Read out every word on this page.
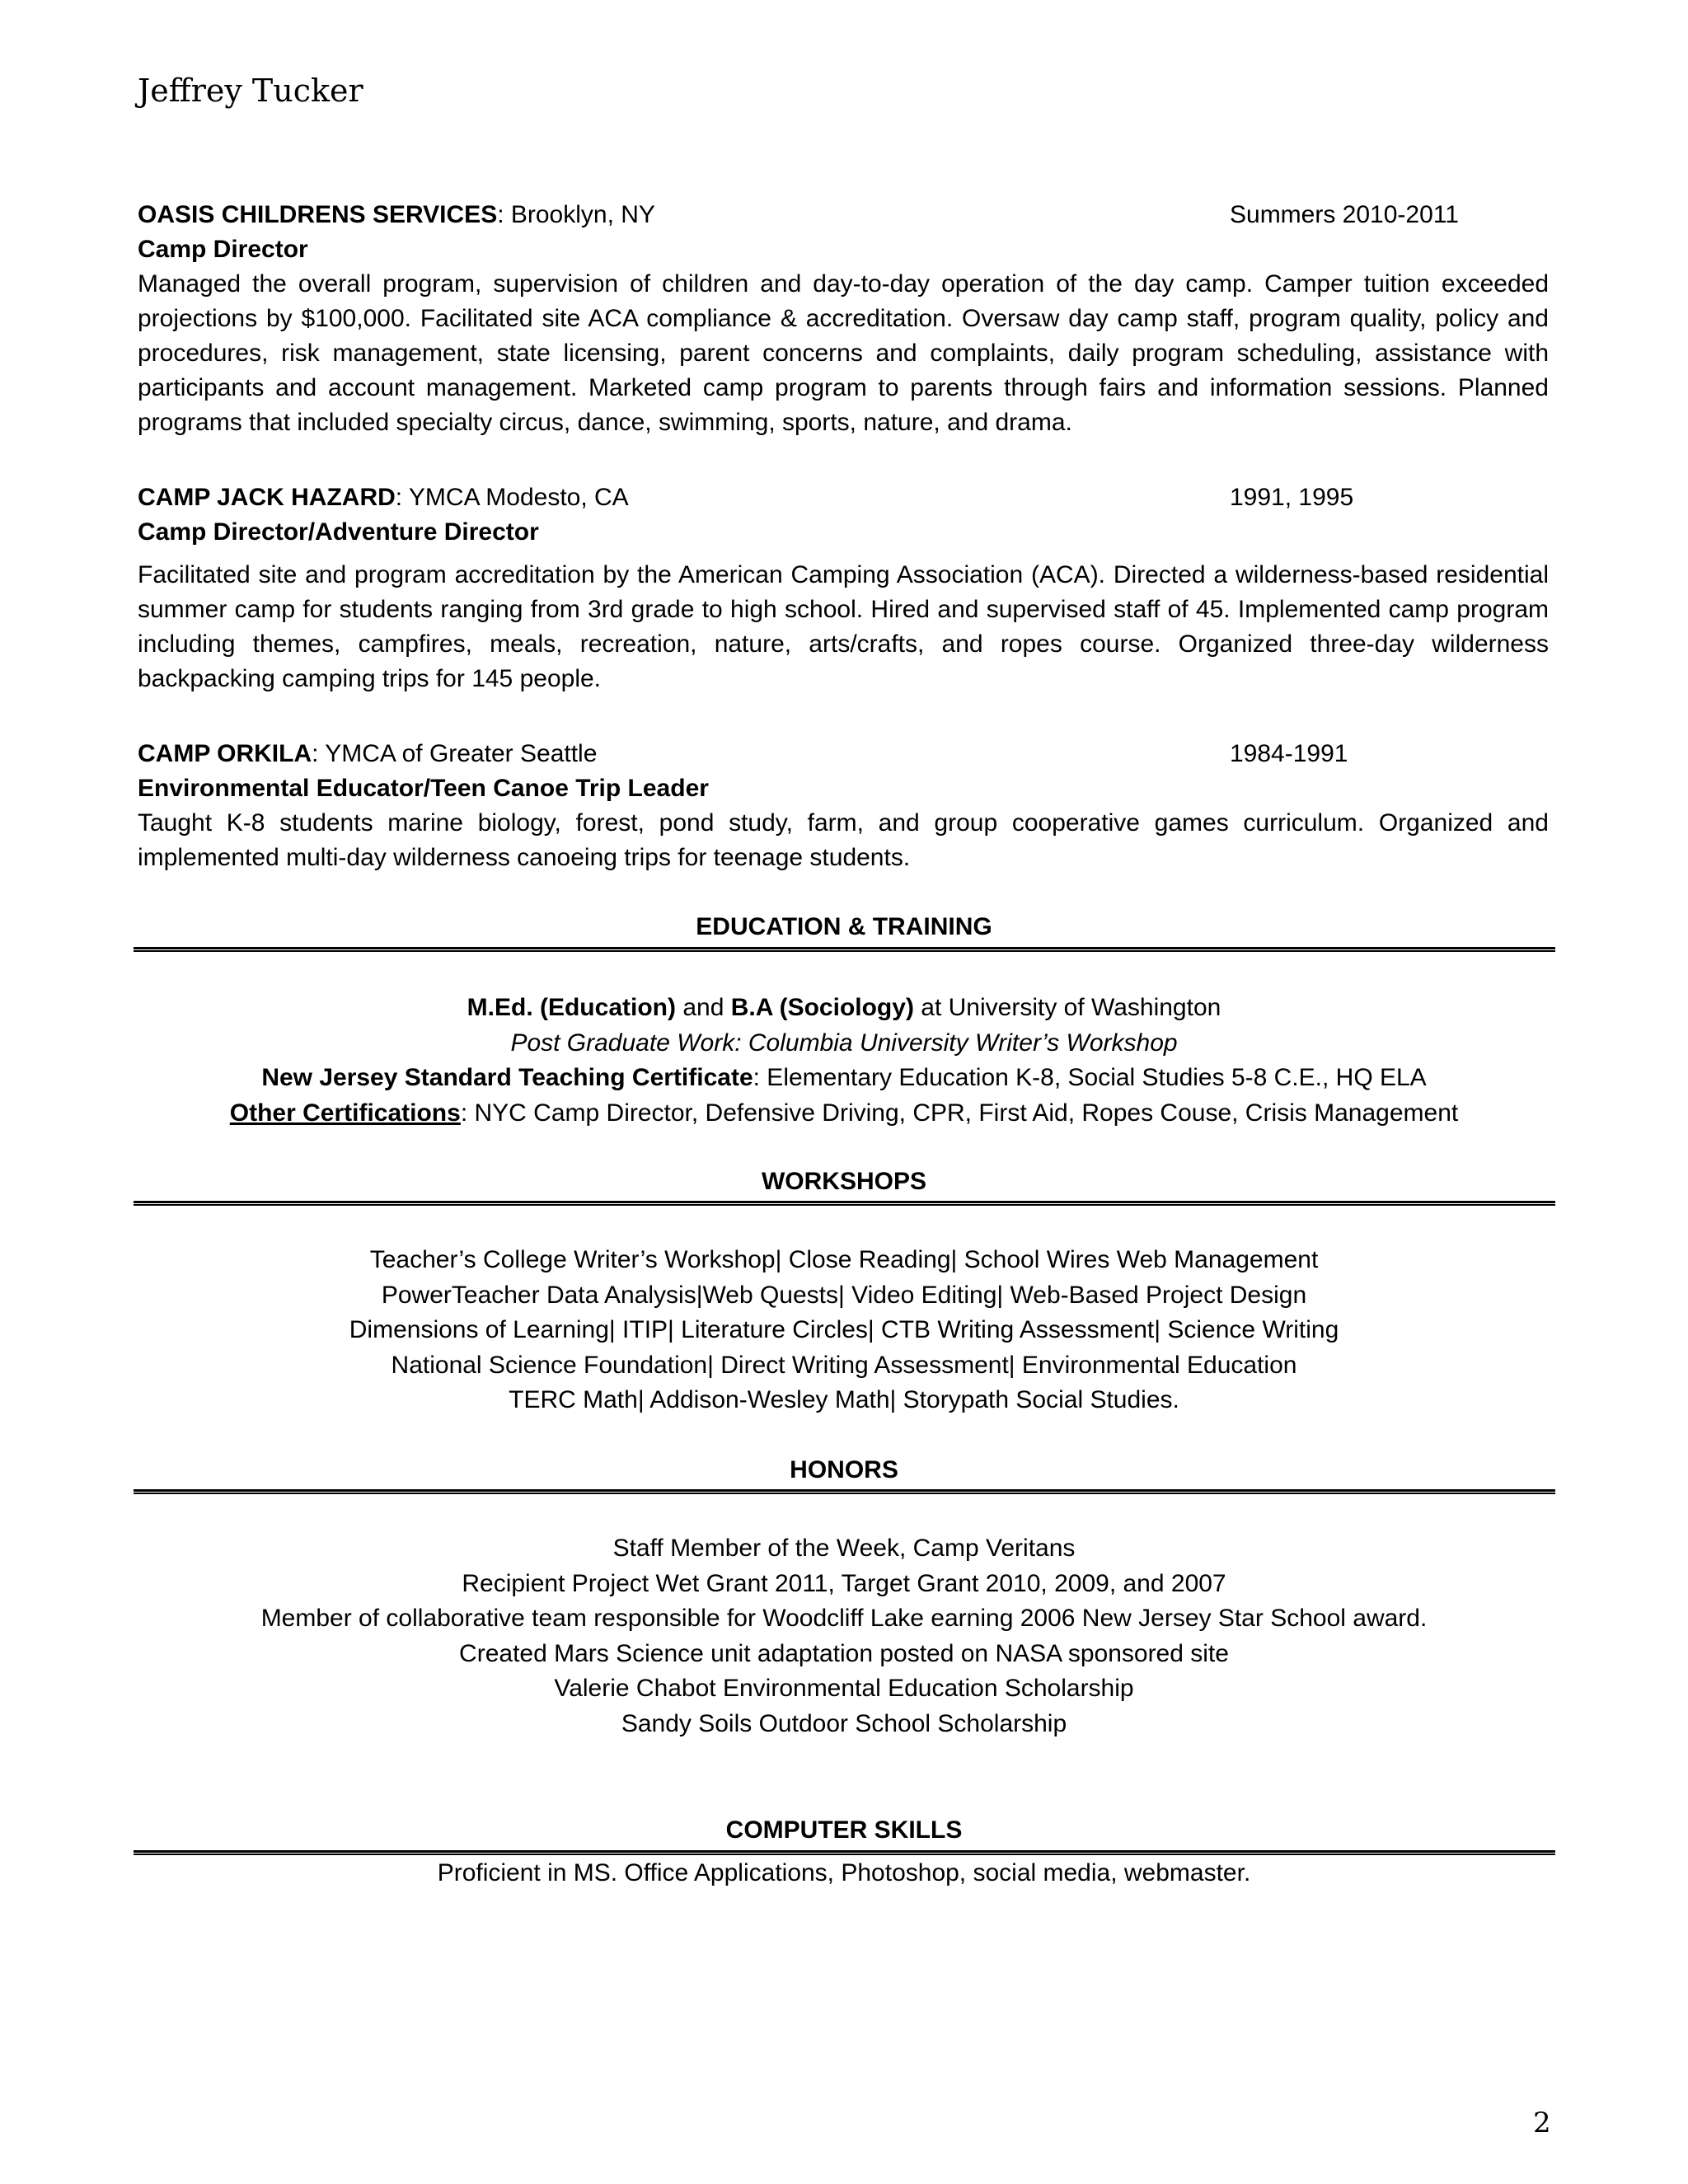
Jeffrey Tucker
OASIS CHILDRENS SERVICES: Brooklyn, NY	Summers 2010-2011
Camp Director
Managed the overall program, supervision of children and day-to-day operation of the day camp. Camper tuition exceeded projections by $100,000. Facilitated site ACA compliance & accreditation. Oversaw day camp staff, program quality, policy and procedures, risk management, state licensing, parent concerns and complaints, daily program scheduling, assistance with participants and account management. Marketed camp program to parents through fairs and information sessions. Planned programs that included specialty circus, dance, swimming, sports, nature, and drama.
CAMP JACK HAZARD: YMCA Modesto, CA	1991, 1995
Camp Director/Adventure Director
Facilitated site and program accreditation by the American Camping Association (ACA). Directed a wilderness-based residential summer camp for students ranging from 3rd grade to high school. Hired and supervised staff of 45. Implemented camp program including themes, campfires, meals, recreation, nature, arts/crafts, and ropes course. Organized three-day wilderness backpacking camping trips for 145 people.
CAMP ORKILA: YMCA of Greater Seattle	1984-1991
Environmental Educator/Teen Canoe Trip Leader
Taught K-8 students marine biology, forest, pond study, farm, and group cooperative games curriculum. Organized and implemented multi-day wilderness canoeing trips for teenage students.
EDUCATION & TRAINING
M.Ed. (Education) and B.A (Sociology) at University of Washington
Post Graduate Work: Columbia University Writer’s Workshop
New Jersey Standard Teaching Certificate: Elementary Education K-8, Social Studies 5-8 C.E., HQ ELA
Other Certifications: NYC Camp Director, Defensive Driving, CPR, First Aid, Ropes Couse, Crisis Management
WORKSHOPS
Teacher’s College Writer’s Workshop| Close Reading| School Wires Web Management
PowerTeacher Data Analysis|Web Quests| Video Editing| Web-Based Project Design
Dimensions of Learning| ITIP| Literature Circles| CTB Writing Assessment| Science Writing
National Science Foundation| Direct Writing Assessment| Environmental Education
TERC Math| Addison-Wesley Math| Storypath Social Studies.
HONORS
Staff Member of the Week, Camp Veritans
Recipient Project Wet Grant 2011, Target Grant 2010, 2009, and 2007
Member of collaborative team responsible for Woodcliff Lake earning 2006 New Jersey Star School award.
Created Mars Science unit adaptation posted on NASA sponsored site
Valerie Chabot Environmental Education Scholarship
Sandy Soils Outdoor School Scholarship
COMPUTER SKILLS
Proficient in MS. Office Applications, Photoshop, social media, webmaster.
2
